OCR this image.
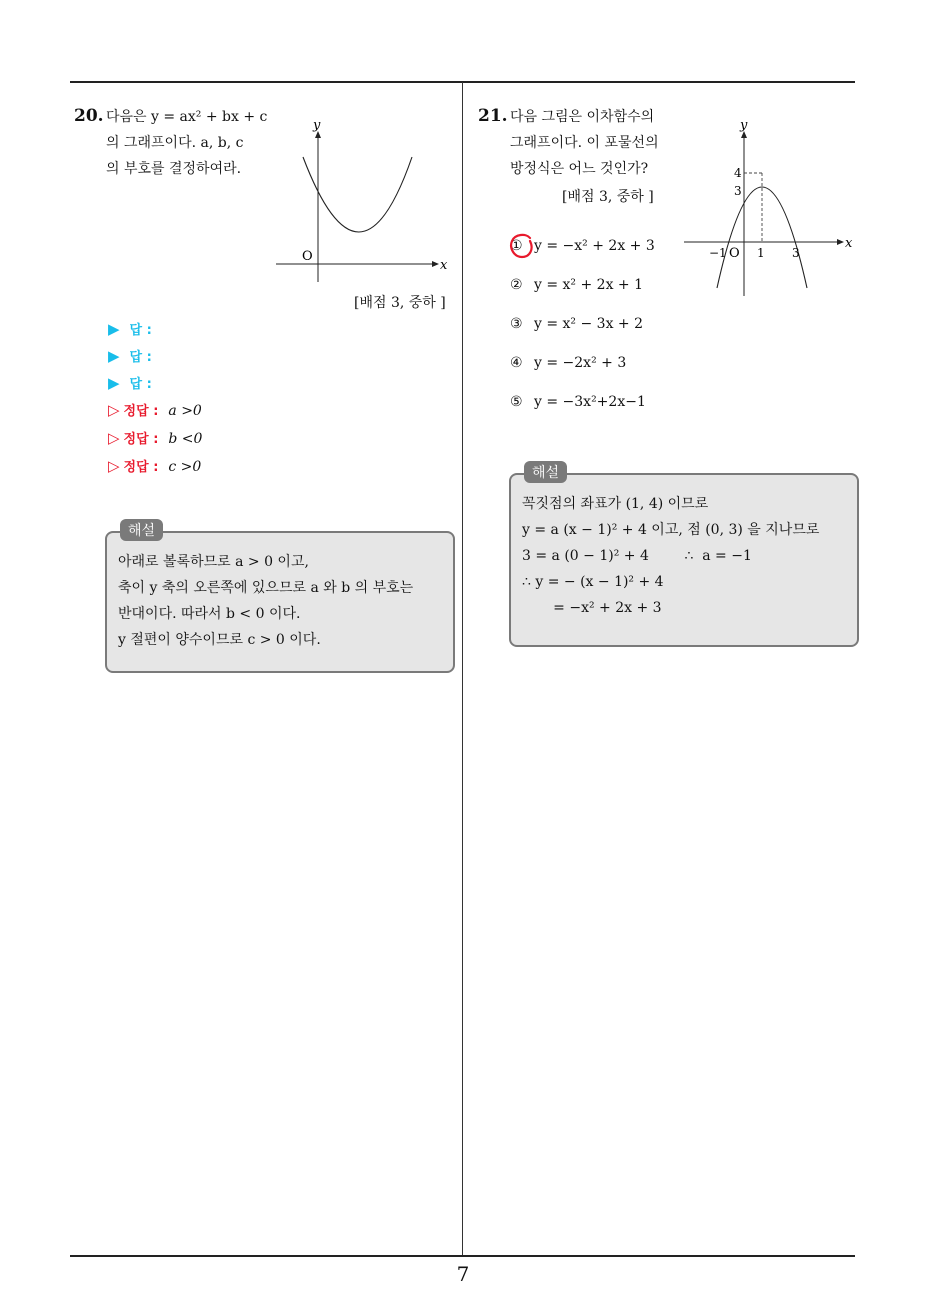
7
20. 다음은 y = ax² + bx + c
의 그래프이다. a, b, c
의 부호를 결정하여라.
y
x
O
[배점 3, 중하 ]
▶ 답 :
▶ 답 :
▶ 답 :
▷ 정답 : a >0
▷ 정답 : b <0
▷ 정답 : c >0
해설
아래로 볼록하므로 a > 0 이고,
축이 y 축의 오른쪽에 있으므로 a 와 b 의 부호는
반대이다. 따라서 b < 0 이다.
y 절편이 양수이므로 c > 0 이다.
21. 다음 그림은 이차함수의
그래프이다. 이 포물선의
방정식은 어느 것인가?
[배점 3, 중하 ]
y
x
4
3
−1 O 1 3
① y = −x² + 2x + 3
② y = x² + 2x + 1
③ y = x² − 3x + 2
④ y = −2x² + 3
⑤ y = −3x²+2x−1
해설
꼭짓점의 좌표가 (1, 4) 이므로
y = a (x − 1)² + 4 이고, 점 (0, 3) 을 지나므로
3 = a (0 − 1)² + 4        ∴  a = −1
∴ y = − (x − 1)² + 4
= −x² + 2x + 3
